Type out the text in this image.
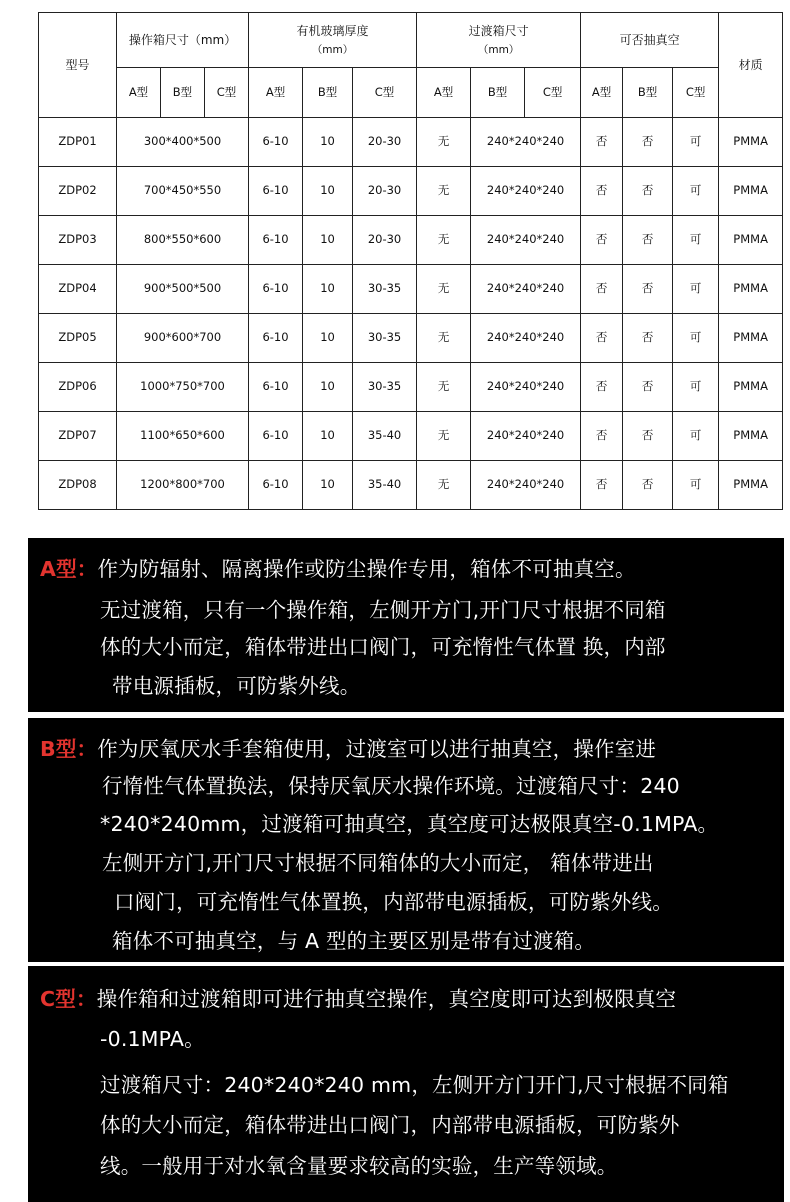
型号	操作箱尺寸（mm）			有机玻璃厚度
（mm）			过渡箱尺寸
（mm）			可否抽真空			材质
	A型	B型	C型	A型	B型	C型	A型	B型	C型	A型	B型	C型	
ZDP01	300*400*500			6-10	10	20-30	无	240*240*240		否	否	可	PMMA
ZDP02	700*450*550			6-10	10	20-30	无	240*240*240		否	否	可	PMMA
ZDP03	800*550*600			6-10	10	20-30	无	240*240*240		否	否	可	PMMA
ZDP04	900*500*500			6-10	10	30-35	无	240*240*240		否	否	可	PMMA
ZDP05	900*600*700			6-10	10	30-35	无	240*240*240		否	否	可	PMMA
ZDP06	1000*750*700			6-10	10	30-35	无	240*240*240		否	否	可	PMMA
ZDP07	1100*650*600			6-10	10	35-40	无	240*240*240		否	否	可	PMMA
ZDP08	1200*800*700			6-10	10	35-40	无	240*240*240		否	否	可	PMMA
A型：作为防辐射、隔离操作或防尘操作专用，箱体不可抽真空。
无过渡箱，只有一个操作箱，左侧开方门,开门尺寸根据不同箱
体的大小而定，箱体带进出口阀门，可充惰性气体置 换，内部
带电源插板，可防紫外线。
B型：作为厌氧厌水手套箱使用，过渡室可以进行抽真空，操作室进
行惰性气体置换法，保持厌氧厌水操作环境。过渡箱尺寸：240
*240*240mm，过渡箱可抽真空，真空度可达极限真空-0.1MPA。
左侧开方门,开门尺寸根据不同箱体的大小而定， 箱体带进出
口阀门，可充惰性气体置换，内部带电源插板，可防紫外线。
箱体不可抽真空，与 A 型的主要区别是带有过渡箱。
C型：操作箱和过渡箱即可进行抽真空操作，真空度即可达到极限真空
-0.1MPA。
过渡箱尺寸：240*240*240 mm，左侧开方门开门,尺寸根据不同箱
体的大小而定，箱体带进出口阀门，内部带电源插板，可防紫外
线。一般用于对水氧含量要求较高的实验，生产等领域。
